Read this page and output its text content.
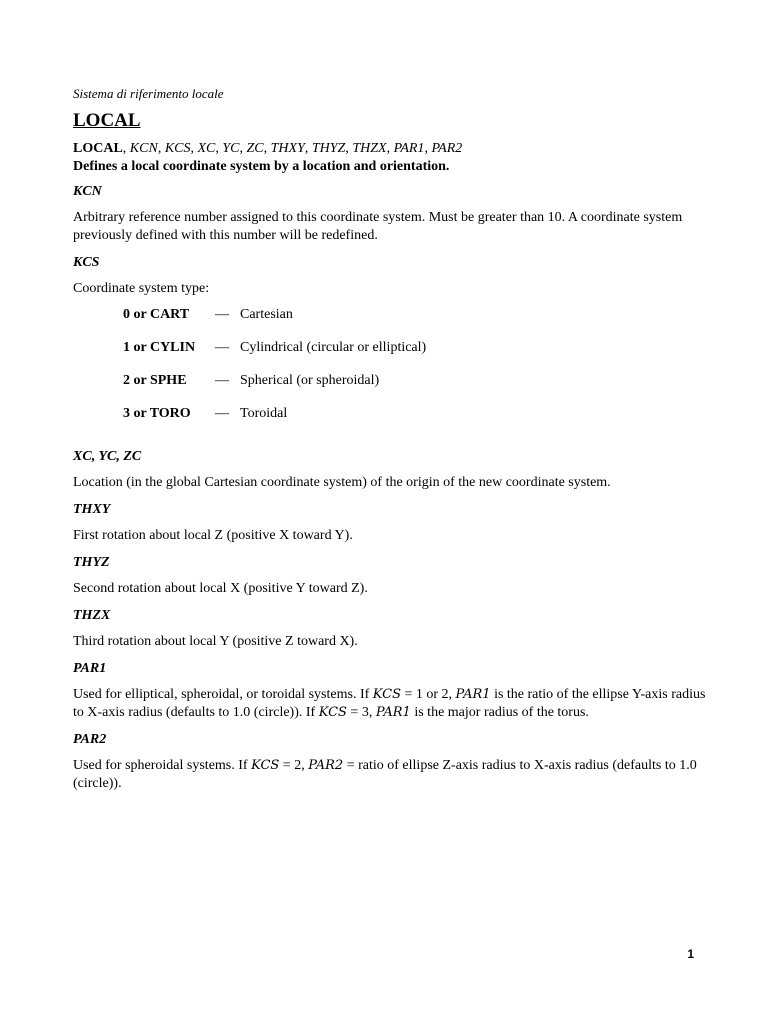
Sistema di riferimento locale

LOCAL

LOCAL, KCN, KCS, XC, YC, ZC, THXY, THYZ, THZX, PAR1, PAR2

Defines a local coordinate system by a location and orientation.

KCN

Arbitrary reference number assigned to this coordinate system. Must be greater than 10. A coordinate system previously defined with this number will be redefined.

KCS

Coordinate system type:

0 or CART	— Cartesian
1 or CYLIN	— Cylindrical (circular or elliptical)
2 or SPHE	— Spherical (or spheroidal)
3 or TORO	— Toroidal

XC, YC, ZC

Location (in the global Cartesian coordinate system) of the origin of the new coordinate system.

THXY

First rotation about local Z (positive X toward Y).

THYZ

Second rotation about local X (positive Y toward Z).

THZX

Third rotation about local Y (positive Z toward X).

PAR1

Used for elliptical, spheroidal, or toroidal systems. If KCS = 1 or 2, PAR1 is the ratio of the ellipse Y-axis radius to X-axis radius (defaults to 1.0 (circle)). If KCS = 3, PAR1 is the major radius of the torus.

PAR2

Used for spheroidal systems. If KCS = 2, PAR2 = ratio of ellipse Z-axis radius to X-axis radius (defaults to 1.0 (circle)).

1
